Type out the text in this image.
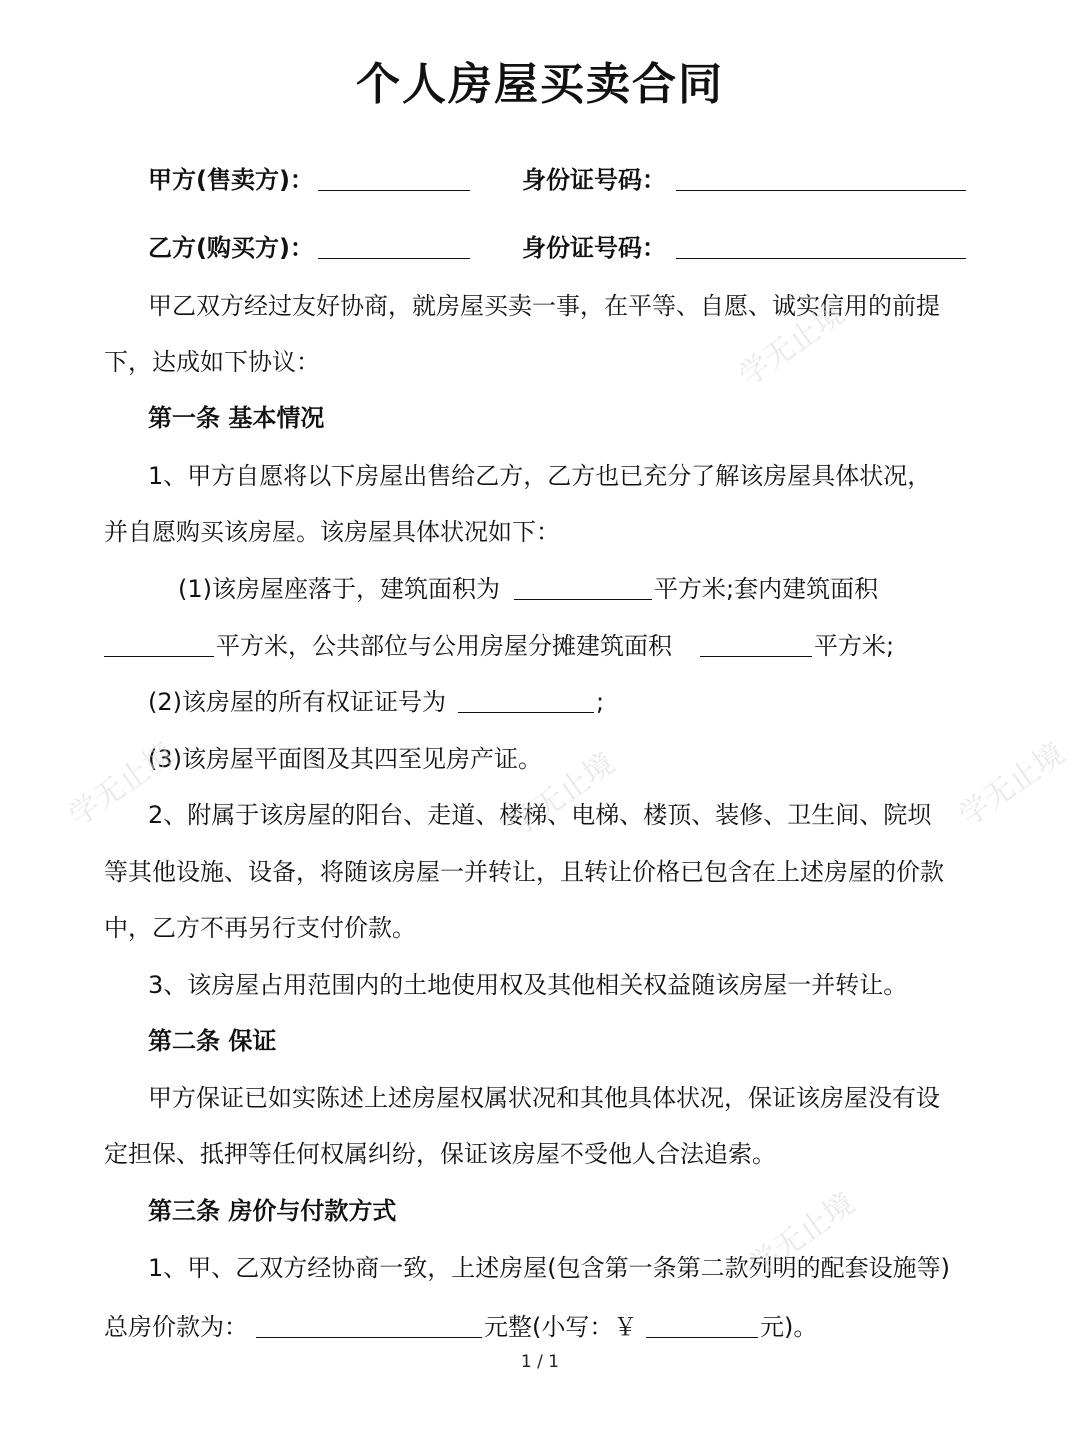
个人房屋买卖合同
甲方(售卖方)：	身份证号码：
乙方(购买方)：	身份证号码：
甲乙双方经过友好协商，就房屋买卖一事，在平等、自愿、诚实信用的前提
下，达成如下协议：
第一条 基本情况
1、甲方自愿将以下房屋出售给乙方，乙方也已充分了解该房屋具体状况，
并自愿购买该房屋。该房屋具体状况如下：
(1)该房屋座落于，建筑面积为	平方米;套内建筑面积
平方米，公共部位与公用房屋分摊建筑面积	平方米;
(2)该房屋的所有权证证号为	;
(3)该房屋平面图及其四至见房产证。
2、附属于该房屋的阳台、走道、楼梯、电梯、楼顶、装修、卫生间、院坝
等其他设施、设备，将随该房屋一并转让，且转让价格已包含在上述房屋的价款
中，乙方不再另行支付价款。
3、该房屋占用范围内的土地使用权及其他相关权益随该房屋一并转让。
第二条 保证
甲方保证已如实陈述上述房屋权属状况和其他具体状况，保证该房屋没有设
定担保、抵押等任何权属纠纷，保证该房屋不受他人合法追索。
第三条 房价与付款方式
1、甲、乙双方经协商一致，上述房屋(包含第一条第二款列明的配套设施等)
总房价款为：	元整(小写：￥	元)。
1 / 1
学无止境
学无止境	学无止境	学无止境
学无止境
